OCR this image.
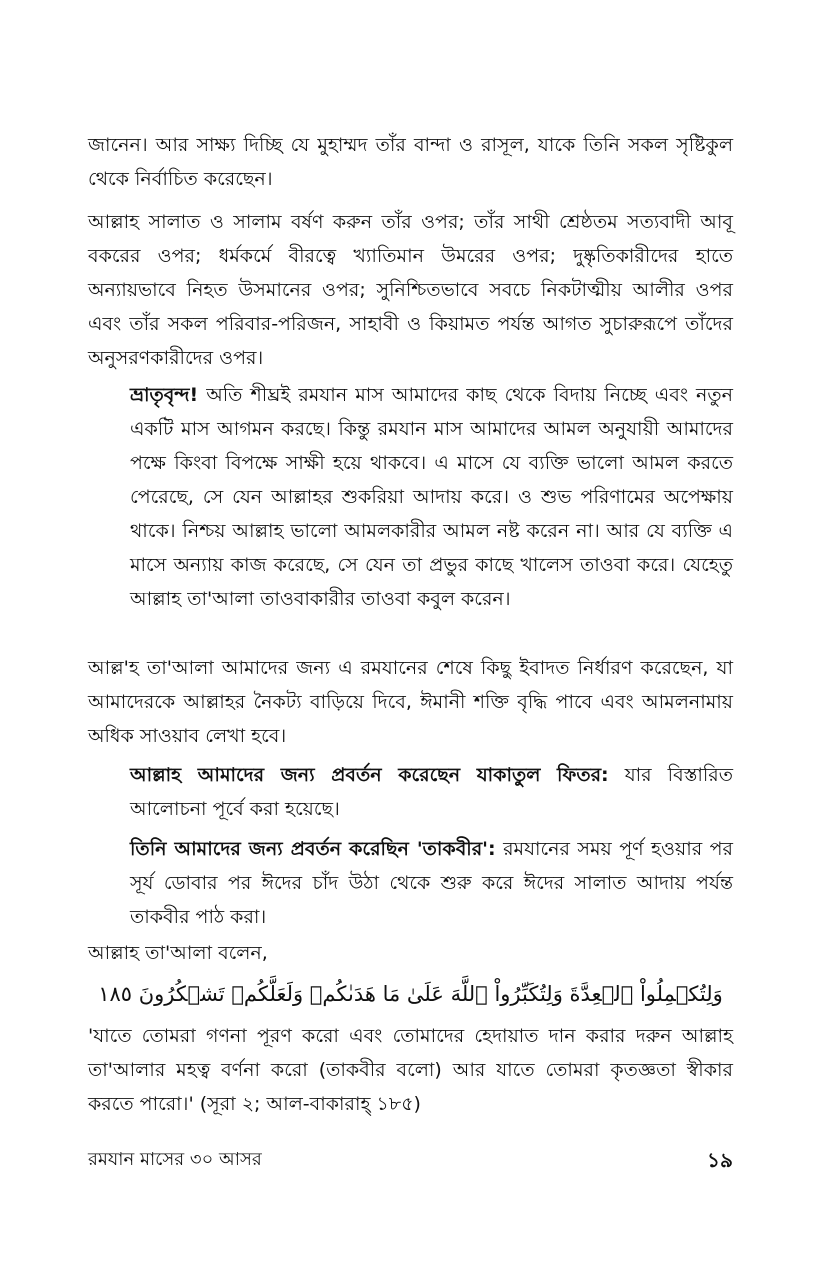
জানেন। আর সাক্ষ্য দিচ্ছি যে মুহাম্মদ তাঁর বান্দা ও রাসূল, যাকে তিনি সকল সৃষ্টিকুল থেকে নির্বাচিত করেছেন।

আল্লাহ সালাত ও সালাম বর্ষণ করুন তাঁর ওপর; তাঁর সাথী শ্রেষ্ঠতম সত্যবাদী আবূ বকরের ওপর; ধর্মকর্মে বীরত্বে খ্যাতিমান উমরের ওপর; দুষ্কৃতিকারীদের হাতে অন্যায়ভাবে নিহত উসমানের ওপর; সুনিশ্চিতভাবে সবচে নিকটাত্মীয় আলীর ওপর এবং তাঁর সকল পরিবার-পরিজন, সাহাবী ও কিয়ামত পর্যন্ত আগত সুচারুরূপে তাঁদের অনুসরণকারীদের ওপর।

ভ্রাতৃবৃন্দ! অতি শীঘ্রই রমযান মাস আমাদের কাছ থেকে বিদায় নিচ্ছে এবং নতুন একটি মাস আগমন করছে। কিন্তু রমযান মাস আমাদের আমল অনুযায়ী আমাদের পক্ষে কিংবা বিপক্ষে সাক্ষী হয়ে থাকবে। এ মাসে যে ব্যক্তি ভালো আমল করতে পেরেছে, সে যেন আল্লাহর শুকরিয়া আদায় করে। ও শুভ পরিণামের অপেক্ষায় থাকে। নিশ্চয় আল্লাহ ভালো আমলকারীর আমল নষ্ট করেন না। আর যে ব্যক্তি এ মাসে অন্যায় কাজ করেছে, সে যেন তা প্রভুর কাছে খালেস তাওবা করে। যেহেতু আল্লাহ তা'আলা তাওবাকারীর তাওবা কবুল করেন।

আল্ল'হ তা'আলা আমাদের জন্য এ রমযানের শেষে কিছু ইবাদত নির্ধারণ করেছেন, যা আমাদেরকে আল্লাহর নৈকট্য বাড়িয়ে দিবে, ঈমানী শক্তি বৃদ্ধি পাবে এবং আমলনামায় অধিক সাওয়াব লেখা হবে।

আল্লাহ আমাদের জন্য প্রবর্তন করেছেন যাকাতুল ফিতর: যার বিস্তারিত আলোচনা পূর্বে করা হয়েছে।

তিনি আমাদের জন্য প্রবর্তন করেছিন 'তাকবীর': রমযানের সময় পূর্ণ হওয়ার পর সূর্য ডোবার পর ঈদের চাঁদ উঠা থেকে শুরু করে ঈদের সালাত আদায় পর্যন্ত তাকবীর পাঠ করা।

আল্লাহ তা'আলা বলেন,

وَلِتُكۡمِلُواْ ٱلۡعِدَّةَ وَلِتُكَبِّرُواْ ٱللَّهَ عَلَىٰ مَا هَدَىٰكُمۡ وَلَعَلَّكُمۡ تَشۡكُرُونَ ١٨٥

'যাতে তোমরা গণনা পূরণ করো এবং তোমাদের হেদায়াত দান করার দরুন আল্লাহ তা'আলার মহত্ব বর্ণনা করো (তাকবীর বলো) আর যাতে তোমরা কৃতজ্ঞতা স্বীকার করতে পারো।' (সূরা ২; আল-বাকারাহ্ ১৮৫)

রমযান মাসের ৩০ আসর	১৯
